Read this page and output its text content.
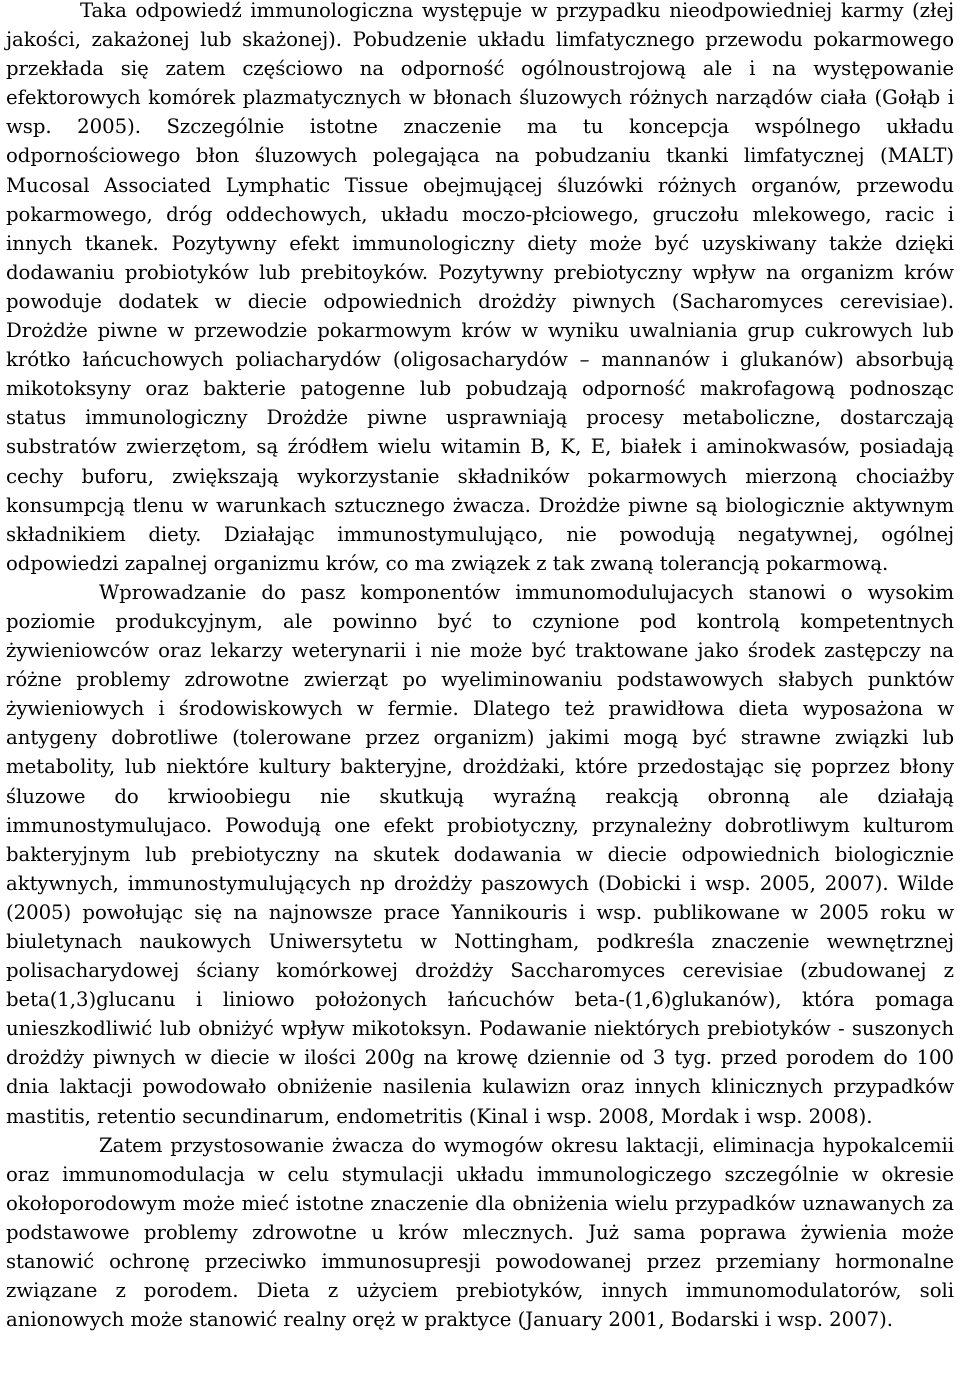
Taka odpowiedź immunologiczna występuje w przypadku nieodpowiedniej karmy (złej jakości, zakażonej lub skażonej). Pobudzenie układu limfatycznego przewodu pokarmowego przekłada się zatem częściowo na odporność ogólnoustrojową ale i na występowanie efektorowych komórek plazmatycznych w błonach śluzowych różnych narządów ciała (Gołąb i wsp. 2005). Szczególnie istotne znaczenie ma tu koncepcja wspólnego układu odpornościowego błon śluzowych polegająca na pobudzaniu tkanki limfatycznej (MALT) Mucosal Associated Lymphatic Tissue obejmującej śluzówki różnych organów, przewodu pokarmowego, dróg oddechowych, układu moczo-płciowego, gruczołu mlekowego, racic i innych tkanek. Pozytywny efekt immunologiczny diety może być uzyskiwany także dzięki dodawaniu probiotyków lub prebitoyków. Pozytywny prebiotyczny wpływ na organizm krów powoduje dodatek w diecie odpowiednich drożdży piwnych (Sacharomyces cerevisiae). Drożdże piwne w przewodzie pokarmowym krów w wyniku uwalniania grup cukrowych lub krótko łańcuchowych poliacharydów (oligosacharydów – mannanów i glukanów) absorbują mikotoksyny oraz bakterie patogenne lub pobudzają odporność makrofagową podnosząc status immunologiczny Drożdże piwne usprawniają procesy metaboliczne, dostarczają substratów zwierzętom, są źródłem wielu witamin B, K, E, białek i aminokwasów, posiadają cechy buforu, zwiększają wykorzystanie składników pokarmowych mierzoną chociażby konsumpcją tlenu w warunkach sztucznego żwacza. Drożdże piwne są biologicznie aktywnym składnikiem diety. Działając immunostymulująco, nie powodują negatywnej, ogólnej odpowiedzi zapalnej organizmu krów, co ma związek z tak zwaną tolerancją pokarmową.

Wprowadzanie do pasz komponentów immunomodulujacych stanowi o wysokim poziomie produkcyjnym, ale powinno być to czynione pod kontrolą kompetentnych żywieniowców oraz lekarzy weterynarii i nie może być traktowane jako środek zastępczy na różne problemy zdrowotne zwierząt po wyeliminowaniu podstawowych słabych punktów żywieniowych i środowiskowych w fermie. Dlatego też prawidłowa dieta wyposażona w antygeny dobrotliwe (tolerowane przez organizm) jakimi mogą być strawne związki lub metabolity, lub niektóre kultury bakteryjne, drożdżaki, które przedostając się poprzez błony śluzowe do krwioobiegu nie skutkują wyraźną reakcją obronną ale działają immunostymulujaco. Powodują one efekt probiotyczny, przynależny dobrotliwym kulturom bakteryjnym lub prebiotyczny na skutek dodawania w diecie odpowiednich biologicznie aktywnych, immunostymulujących np drożdży paszowych (Dobicki i wsp. 2005, 2007). Wilde (2005) powołując się na najnowsze prace Yannikouris i wsp. publikowane w 2005 roku w biuletynach naukowych Uniwersytetu w Nottingham, podkreśla znaczenie wewnętrznej polisacharydowej ściany komórkowej drożdży Saccharomyces cerevisiae (zbudowanej z beta(1,3)glucanu i liniowo położonych łańcuchów beta-(1,6)glukanów), która pomaga unieszkodliwić lub obniżyć wpływ mikotoksyn. Podawanie niektórych prebiotyków - suszonych drożdży piwnych w diecie w ilości 200g na krowę dziennie od 3 tyg. przed porodem do 100 dnia laktacji powodowało obniżenie nasilenia kulawizn oraz innych klinicznych przypadków mastitis, retentio secundinarum, endometritis (Kinal i wsp. 2008, Mordak i wsp. 2008).

Zatem przystosowanie żwacza do wymogów okresu laktacji, eliminacja hypokalcemii oraz immunomodulacja w celu stymulacji układu immunologiczego szczególnie w okresie okołoporodowym może mieć istotne znaczenie dla obniżenia wielu przypadków uznawanych za podstawowe problemy zdrowotne u krów mlecznych. Już sama poprawa żywienia może stanowić ochronę przeciwko immunosupresji powodowanej przez przemiany hormonalne związane z porodem. Dieta z użyciem prebiotyków, innych immunomodulatorów, soli anionowych może stanowić realny oręż w praktyce (January 2001, Bodarski i wsp. 2007).
